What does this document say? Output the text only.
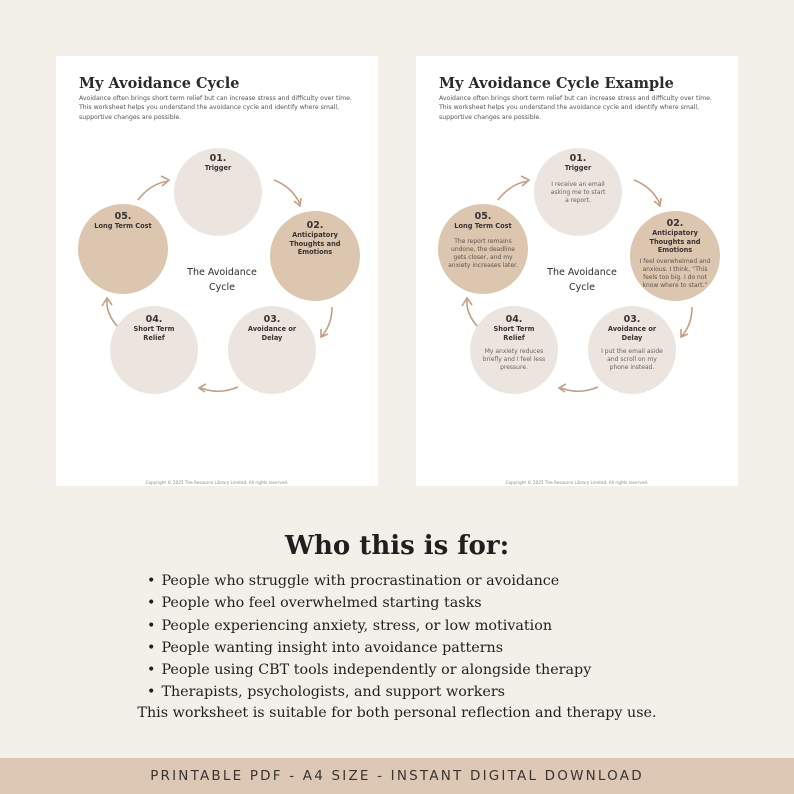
My Avoidance Cycle

Avoidance often brings short term relief but can increase stress and difficulty over time. This worksheet helps you understand the avoidance cycle and identify where small, supportive changes are possible.

01.
Trigger
02.
Anticipatory Thoughts and Emotions
03.
Avoidance or Delay
04.
Short Term Relief
05.
Long Term Cost
The Avoidance
Cycle
Copyright © 2025 The Resource Library Limited. All rights reserved.
My Avoidance Cycle Example

Avoidance often brings short term relief but can increase stress and difficulty over time. This worksheet helps you understand the avoidance cycle and identify where small, supportive changes are possible.

01.
Trigger
I receive an email asking me to start a report.
02.
Anticipatory Thoughts and Emotions
I feel overwhelmed and anxious. I think, “This feels too big. I do not know where to start.”
03.
Avoidance or Delay
I put the email aside and scroll on my phone instead.
04.
Short Term Relief
My anxiety reduces briefly and I feel less pressure.
05.
Long Term Cost
The report remains undone, the deadline gets closer, and my anxiety increases later.
The Avoidance
Cycle
Copyright © 2025 The Resource Library Limited. All rights reserved.
Who this is for:
• People who struggle with procrastination or avoidance
• People who feel overwhelmed starting tasks
• People experiencing anxiety, stress, or low motivation
• People wanting insight into avoidance patterns
• People using CBT tools independently or alongside therapy
• Therapists, psychologists, and support workers

This worksheet is suitable for both personal reflection and therapy use.

PRINTABLE PDF - A4 SIZE - INSTANT DIGITAL DOWNLOAD
